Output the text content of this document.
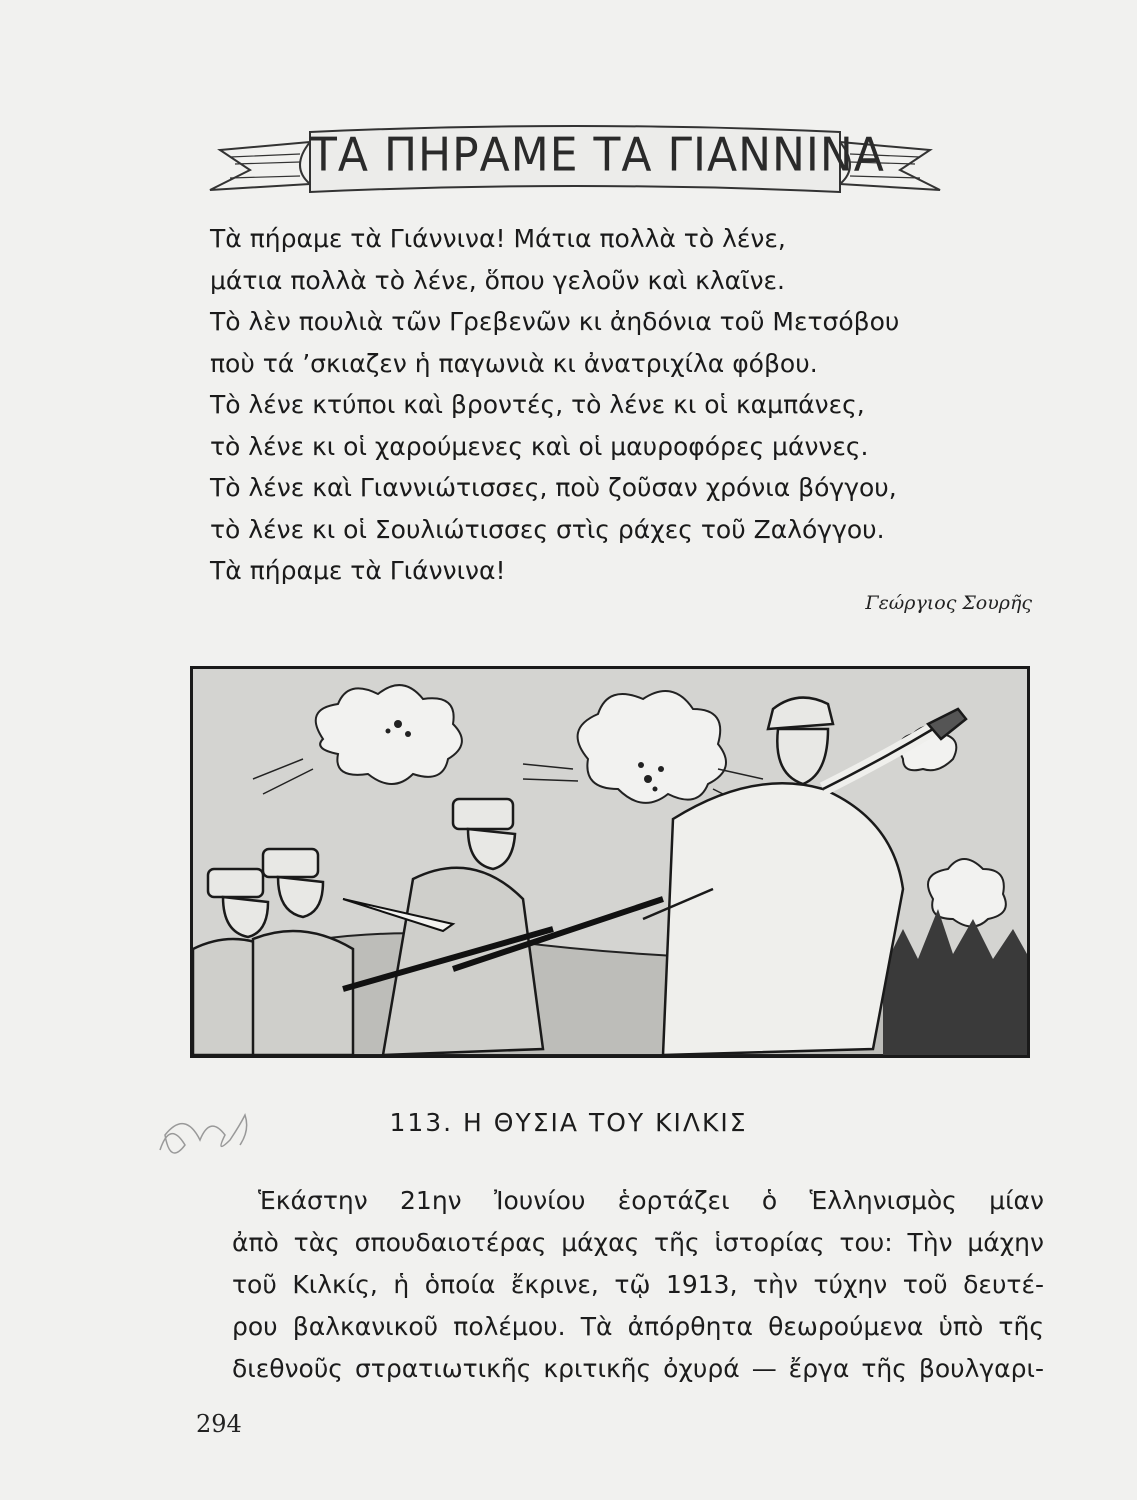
ΤΑ ΠΗΡΑΜΕ ΤΑ ΓΙΑΝΝΙΝΑ
Τὰ πήραμε τὰ Γιάννινα! Μάτια πολλὰ τὸ λένε,
μάτια πολλὰ τὸ λένε, ὅπου γελοῦν καὶ κλαῖνε.
Τὸ λὲν πουλιὰ τῶν Γρεβενῶν κι ἀηδόνια τοῦ Μετσόβου
ποὺ τά ’σκιαζεν ἡ παγωνιὰ κι ἀνατριχίλα φόβου.
Τὸ λένε κτύποι καὶ βροντές, τὸ λένε κι οἱ καμπάνες,
τὸ λένε κι οἱ χαρούμενες καὶ οἱ μαυροφόρες μάννες.
Τὸ λένε καὶ Γιαννιώτισσες, ποὺ ζοῦσαν χρόνια βόγγου,
τὸ λένε κι οἱ Σουλιώτισσες στὶς ράχες τοῦ Ζαλόγγου.
Τὰ πήραμε τὰ Γιάννινα!
Γεώργιος Σουρῆς
113. Η ΘΥΣΙΑ ΤΟΥ ΚΙΛΚΙΣ
Ἑκάστην 21ην Ἰουνίου ἑορτάζει ὁ Ἑλληνισμὸς μίαν
ἀπὸ τὰς σπουδαιοτέρας μάχας τῆς ἱστορίας του: Τὴν μάχην
τοῦ Κιλκίς, ἡ ὁποία ἔκρινε, τῷ 1913, τὴν τύχην τοῦ δευτέ-
ρου βαλκανικοῦ πολέμου. Τὰ ἀπόρθητα θεωρούμενα ὑπὸ τῆς
διεθνοῦς στρατιωτικῆς κριτικῆς ὀχυρά — ἔργα τῆς βουλγαρι-
294
